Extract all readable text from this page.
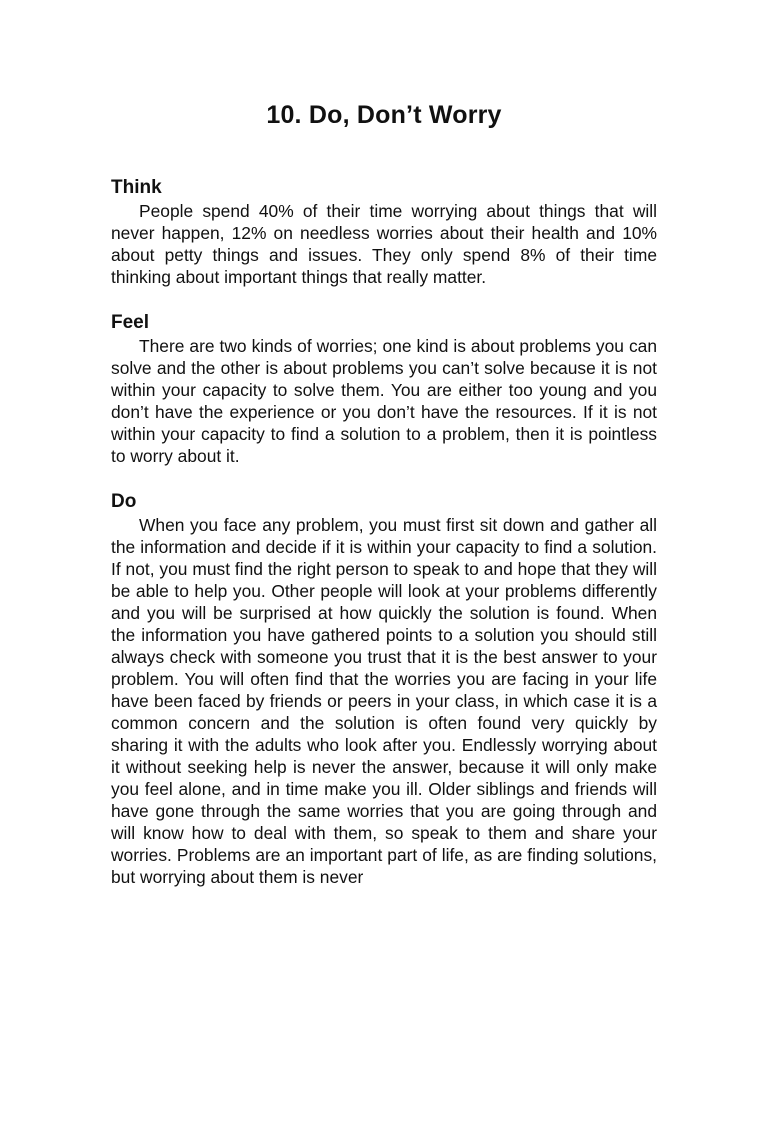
10. Do, Don’t Worry
Think

People spend 40% of their time worrying about things that will never happen, 12% on needless worries about their health and 10% about petty things and issues. They only spend 8% of their time thinking about important things that really matter.

Feel

There are two kinds of worries; one kind is about problems you can solve and the other is about problems you can’t solve because it is not within your capacity to solve them. You are either too young and you don’t have the experience or you don’t have the resources. If it is not within your capacity to find a solution to a problem, then it is pointless to worry about it.

Do

When you face any problem, you must first sit down and gather all the information and decide if it is within your capacity to find a solution. If not, you must find the right person to speak to and hope that they will be able to help you. Other people will look at your problems differently and you will be surprised at how quickly the solution is found. When the information you have gathered points to a solution you should still always check with someone you trust that it is the best answer to your problem. You will often find that the worries you are facing in your life have been faced by friends or peers in your class, in which case it is a common concern and the solution is often found very quickly by sharing it with the adults who look after you. Endlessly worrying about it without seeking help is never the answer, because it will only make you feel alone, and in time make you ill. Older siblings and friends will have gone through the same worries that you are going through and will know how to deal with them, so speak to them and share your worries. Problems are an important part of life, as are finding solutions, but worrying about them is never
